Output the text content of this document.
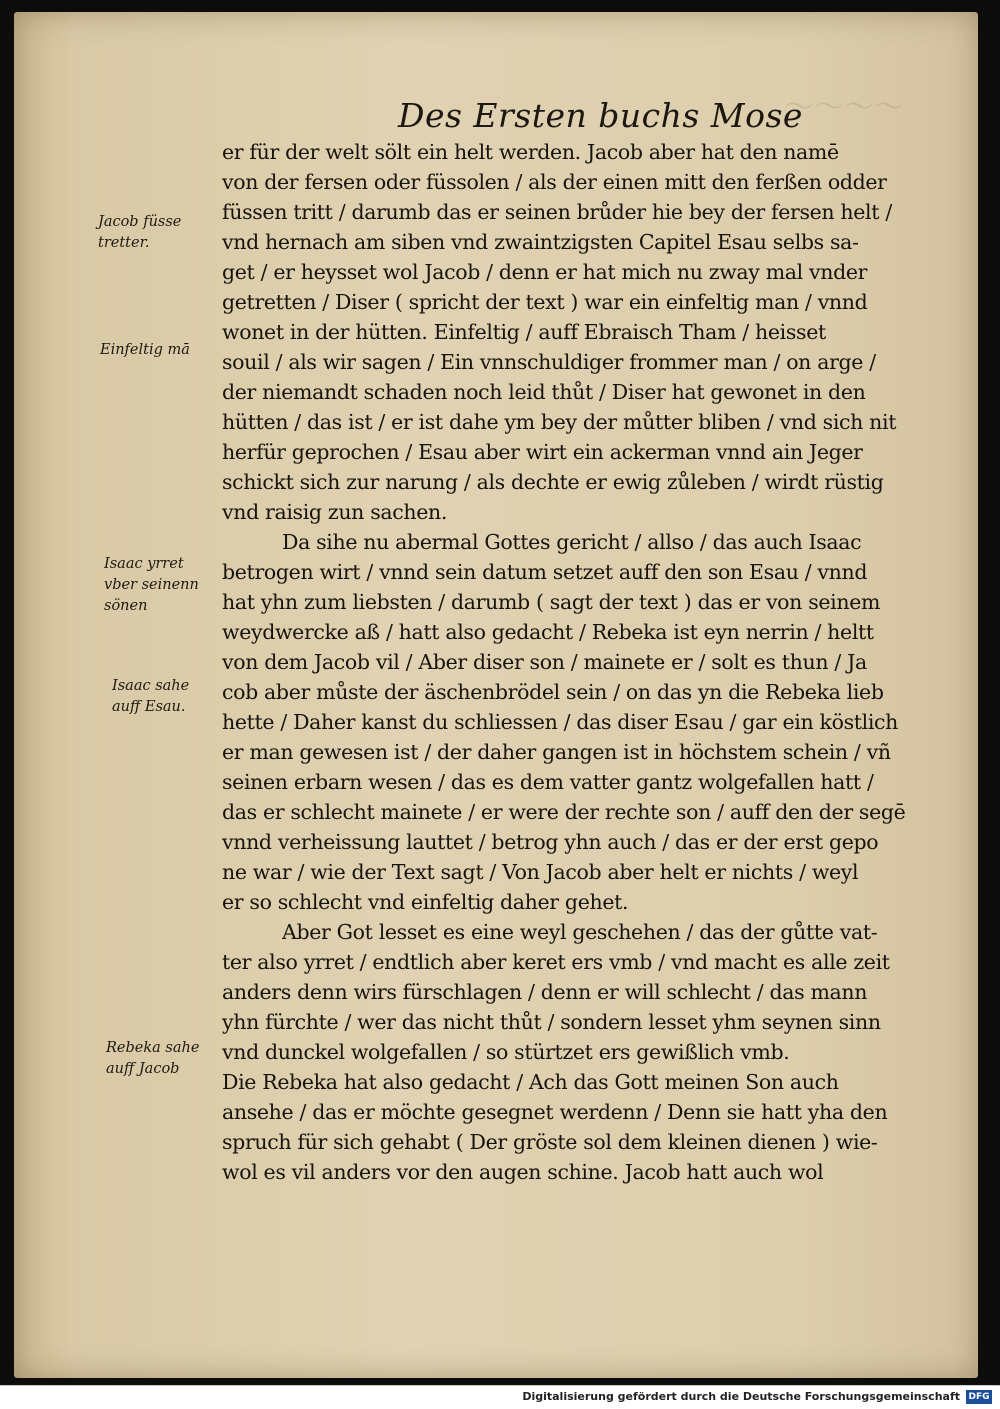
〜〜〜〜
Des Ersten buchs Mose
er für der welt sölt ein helt werden. Jacob aber hat den namē
von der fersen oder füssolen / als der einen mitt den ferßen odder
füssen tritt / darumb das er seinen brůder hie bey der fersen helt /
vnd hernach am siben vnd zwaintzigsten Capitel Esau selbs sa-
get / er heysset wol Jacob / denn er hat mich nu zway mal vnder
getretten / Diser ( spricht der text ) war ein einfeltig man / vnnd
wonet in der hütten. Einfeltig / auff Ebraisch Tham / heisset
souil / als wir sagen / Ein vnnschuldiger frommer man / on arge /
der niemandt schaden noch leid thůt / Diser hat gewonet in den
hütten / das ist / er ist dahe ym bey der můtter bliben / vnd sich nit
herfür geprochen / Esau aber wirt ein ackerman vnnd ain Jeger
schickt sich zur narung / als dechte er ewig zůleben / wirdt rüstig
vnd raisig zun sachen.
Da sihe nu abermal Gottes gericht / allso / das auch Isaac
betrogen wirt / vnnd sein datum setzet auff den son Esau / vnnd
hat yhn zum liebsten / darumb ( sagt der text ) das er von seinem
weydwercke aß / hatt also gedacht / Rebeka ist eyn nerrin / heltt
von dem Jacob vil / Aber diser son / mainete er / solt es thun / Ja
cob aber můste der äschenbrödel sein / on das yn die Rebeka lieb
hette / Daher kanst du schliessen / das diser Esau / gar ein köstlich
er man gewesen ist / der daher gangen ist in höchstem schein / vñ
seinen erbarn wesen / das es dem vatter gantz wolgefallen hatt /
das er schlecht mainete / er were der rechte son / auff den der segē
vnnd verheissung lauttet / betrog yhn auch / das er der erst gepo
ne war / wie der Text sagt / Von Jacob aber helt er nichts / weyl
er so schlecht vnd einfeltig daher gehet.
Aber Got lesset es eine weyl geschehen / das der gůtte vat-
ter also yrret / endtlich aber keret ers vmb / vnd macht es alle zeit
anders denn wirs fürschlagen / denn er will schlecht / das mann
yhn fürchte / wer das nicht thůt / sondern lesset yhm seynen sinn
vnd dunckel wolgefallen / so stürtzet ers gewißlich vmb.
Die Rebeka hat also gedacht / Ach das Gott meinen Son auch
ansehe / das er möchte gesegnet werdenn / Denn sie hatt yha den
spruch für sich gehabt ( Der gröste sol dem kleinen dienen ) wie-
wol es vil anders vor den augen schine. Jacob hatt auch wol
Jacob füsse
tretter.
Einfeltig mā
Isaac yrret
vber seinenn
sönen
Isaac sahe
auff Esau.
Rebeka sahe
auff Jacob
Digitalisierung gefördert durch die Deutsche Forschungsgemeinschaft DFG
